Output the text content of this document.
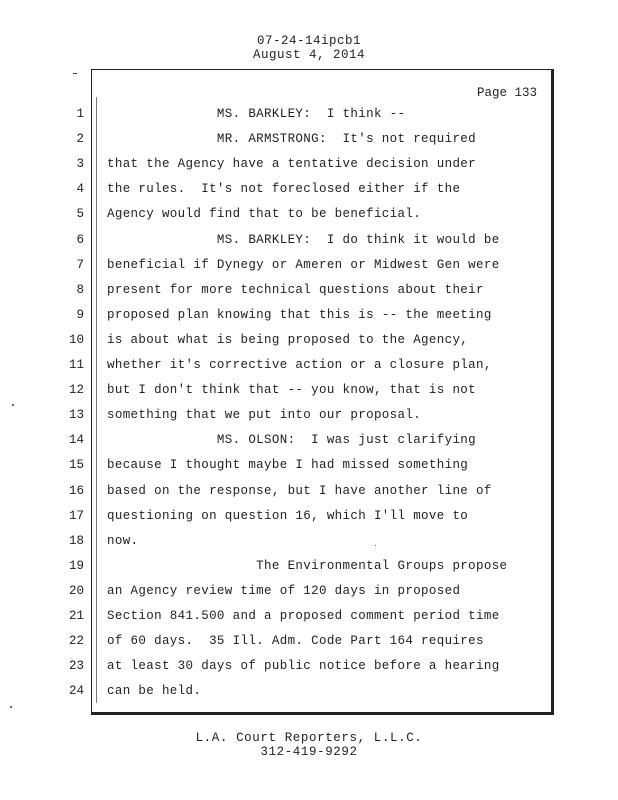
07-24-14ipcb1
August 4, 2014
Page 133
1 MS. BARKLEY:  I think --
2 MR. ARMSTRONG:  It's not required
3 that the Agency have a tentative decision under
4 the rules.  It's not foreclosed either if the
5 Agency would find that to be beneficial.
6 MS. BARKLEY:  I do think it would be
7 beneficial if Dynegy or Ameren or Midwest Gen were
8 present for more technical questions about their
9 proposed plan knowing that this is -- the meeting
10 is about what is being proposed to the Agency,
11 whether it's corrective action or a closure plan,
12 but I don't think that -- you know, that is not
13 something that we put into our proposal.
14 MS. OLSON:  I was just clarifying
15 because I thought maybe I had missed something
16 based on the response, but I have another line of
17 questioning on question 16, which I'll move to
18 now.
19 The Environmental Groups propose
20 an Agency review time of 120 days in proposed
21 Section 841.500 and a proposed comment period time
22 of 60 days.  35 Ill. Adm. Code Part 164 requires
23 at least 30 days of public notice before a hearing
24 can be held.
L.A. Court Reporters, L.L.C.
312-419-9292
